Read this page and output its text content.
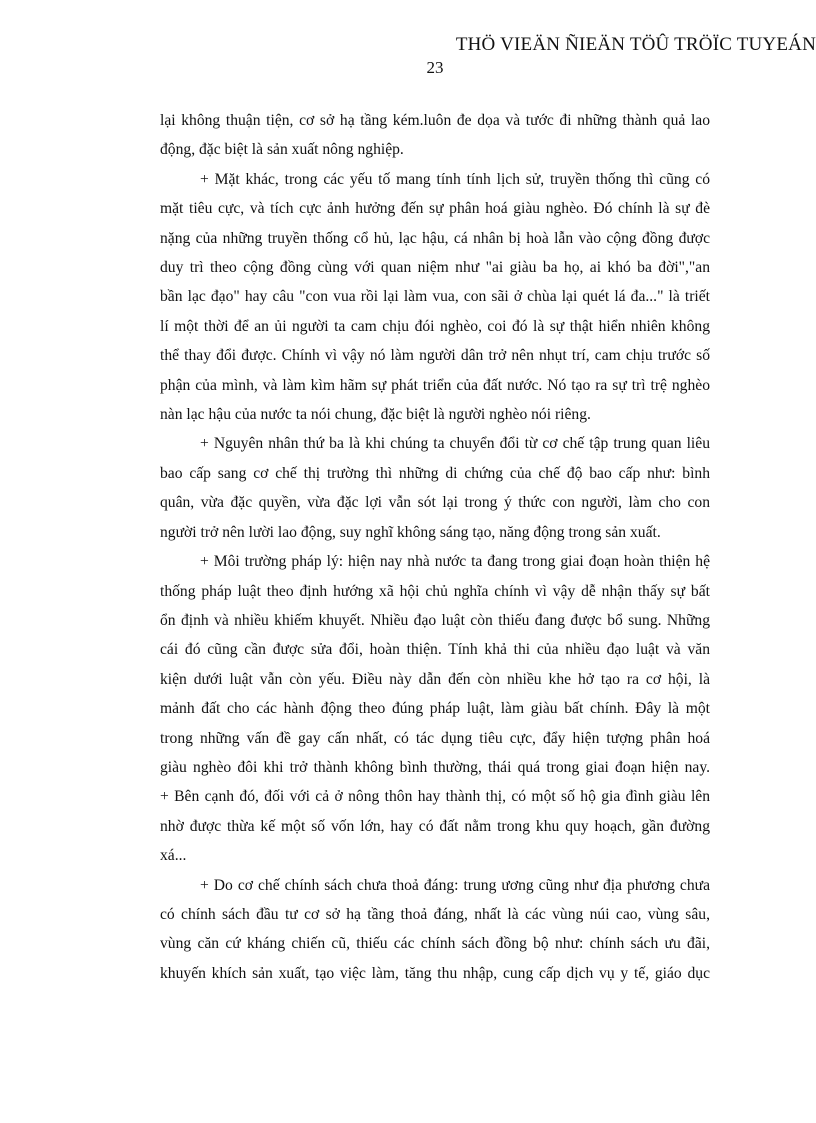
THÖ VIEÄN ÑIEÄN TÖÛ TRÖÏC TUYEÁN
23

lại không thuận tiện, cơ sở hạ tầng kém.luôn đe dọa và tước đi những thành quả lao
động, đặc biệt là sản xuất nông nghiệp.

+ Mặt khác, trong các yếu tố mang tính tính lịch sử, truyền thống thì cũng có
mặt tiêu cực, và tích cực ảnh hưởng đến sự phân hoá giàu nghèo. Đó chính là sự đè
nặng của những truyền thống cổ hủ, lạc hậu, cá nhân bị hoà lẫn vào cộng đồng được
duy trì theo cộng đồng cùng với quan niệm như "ai giàu ba họ, ai khó ba đời","an
bần lạc đạo" hay câu "con vua rồi lại làm vua, con sãi ở chùa lại quét lá đa..." là triết
lí một thời để an ủi người ta cam chịu đói nghèo, coi đó là sự thật hiển nhiên không
thể thay đổi được. Chính vì vậy nó làm người dân trở nên nhụt trí, cam chịu trước số
phận của mình, và làm kìm hãm sự phát triển của đất nước. Nó tạo ra sự trì trệ nghèo
nàn lạc hậu của nước ta nói chung, đặc biệt là người nghèo nói riêng.

+ Nguyên nhân thứ ba là khi chúng ta chuyển đổi từ cơ chế tập trung quan liêu
bao cấp sang cơ chế thị trường thì những di chứng của chế độ bao cấp như: bình
quân, vừa đặc quyền, vừa đặc lợi vẫn sót lại trong ý thức con người, làm cho con
người trở nên lười lao động, suy nghĩ không sáng tạo, năng động trong sản xuất.

+ Môi trường pháp lý: hiện nay nhà nước ta đang trong giai đoạn hoàn thiện hệ
thống pháp luật theo định hướng xã hội chủ nghĩa chính vì vậy dễ nhận thấy sự bất
ổn định và nhiều khiếm khuyết. Nhiều đạo luật còn thiếu đang được bổ sung. Những
cái đó cũng cần được sửa đổi, hoàn thiện. Tính khả thi của nhiều đạo luật và văn
kiện dưới luật vẫn còn yếu. Điều này dẫn đến còn nhiều khe hở tạo ra cơ hội, là
mảnh đất cho các hành động theo đúng pháp luật, làm giàu bất chính. Đây là một
trong những vấn đề gay cấn nhất, có tác dụng tiêu cực, đẩy hiện tượng phân hoá
giàu nghèo đôi khi trở thành không bình thường, thái quá trong giai đoạn hiện nay.
+ Bên cạnh đó, đối với cả ở nông thôn hay thành thị, có một số hộ gia đình giàu lên
nhờ được thừa kế một số vốn lớn, hay có đất nằm trong khu quy hoạch, gần đường
xá...

+ Do cơ chế chính sách chưa thoả đáng: trung ương cũng như địa phương chưa
có chính sách đầu tư cơ sở hạ tầng thoả đáng, nhất là các vùng núi cao, vùng sâu,
vùng căn cứ kháng chiến cũ, thiếu các chính sách đồng bộ như: chính sách ưu đãi,
khuyến khích sản xuất, tạo việc làm, tăng thu nhập, cung cấp dịch vụ y tế, giáo dục
